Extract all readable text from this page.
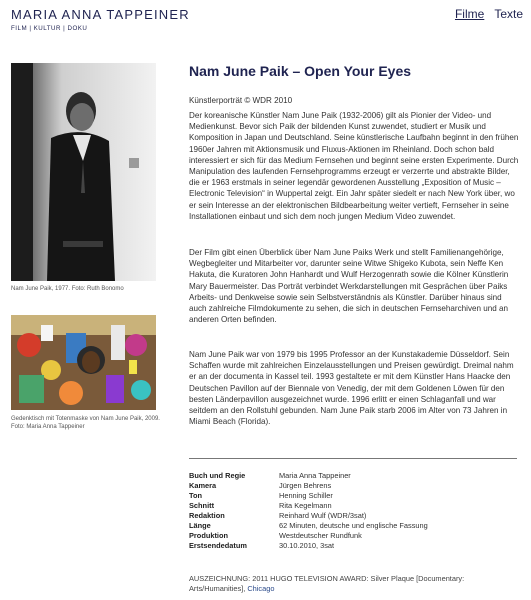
MARIA ANNA TAPPEINER
FILM | KULTUR | DOKU
Filme Texte
Nam June Paik, 1977. Foto: Ruth Bonomo
Gedenktisch mit Totenmaske von Nam June Paik, 2009. Foto: Maria Anna Tappeiner
Nam June Paik – Open Your Eyes
Künstlerporträt © WDR 2010

Der koreanische Künstler Nam June Paik (1932-2006) gilt als Pionier der Video- und Medienkunst. Bevor sich Paik der bildenden Kunst zuwendet, studiert er Musik und Komposition in Japan und Deutschland. Seine künstlerische Laufbahn beginnt in den frühen 1960er Jahren mit Aktionsmusik und Fluxus-Aktionen im Rheinland. Doch schon bald interessiert er sich für das Medium Fernsehen und beginnt seine ersten Experimente. Durch Manipulation des laufenden Fernsehprogramms erzeugt er verzerrte und abstrakte Bilder, die er 1963 erstmals in seiner legendär gewordenen Ausstellung „Exposition of Music – Electronic Television“ in Wuppertal zeigt. Ein Jahr später siedelt er nach New York über, wo er sein Interesse an der elektronischen Bildbearbeitung weiter vertieft, Fernseher in seine Installationen einbaut und sich dem noch jungen Medium Video zuwendet.

Der Film gibt einen Überblick über Nam June Paiks Werk und stellt Familienangehörige, Wegbegleiter und Mitarbeiter vor, darunter seine Witwe Shigeko Kubota, sein Neffe Ken Hakuta, die Kuratoren John Hanhardt und Wulf Herzogenrath sowie die Kölner Künstlerin Mary Bauermeister. Das Porträt verbindet Werkdarstellungen mit Gesprächen über Paiks Arbeits- und Denkweise sowie sein Selbstverständnis als Künstler. Darüber hinaus sind auch zahlreiche Filmdokumente zu sehen, die sich in deutschen Fernseharchiven und an anderen Orten befinden.

Nam June Paik war von 1979 bis 1995 Professor an der Kunstakademie Düsseldorf. Sein Schaffen wurde mit zahlreichen Einzelausstellungen und Preisen gewürdigt. Dreimal nahm er an der documenta in Kassel teil. 1993 gestaltete er mit dem Künstler Hans Haacke den Deutschen Pavillon auf der Biennale von Venedig, der mit dem Goldenen Löwen für den besten Länderpavillon ausgezeichnet wurde. 1996 erlitt er einen Schlaganfall und war seitdem an den Rollstuhl gebunden. Nam June Paik starb 2006 im Alter von 73 Jahren in Miami Beach (Florida).

Buch und Regie	Maria Anna Tappeiner
Kamera	Jürgen Behrens
Ton	Henning Schiller
Schnitt	Rita Kegelmann
Redaktion	Reinhard Wulf (WDR/3sat)
Länge	62 Minuten, deutsche und englische Fassung
Produktion	Westdeutscher Rundfunk
Erstsendedatum	30.10.2010, 3sat
AUSZEICHNUNG: 2011 HUGO TELEVISION AWARD: Silver Plaque [Documentary: Arts/Humanities], Chicago
